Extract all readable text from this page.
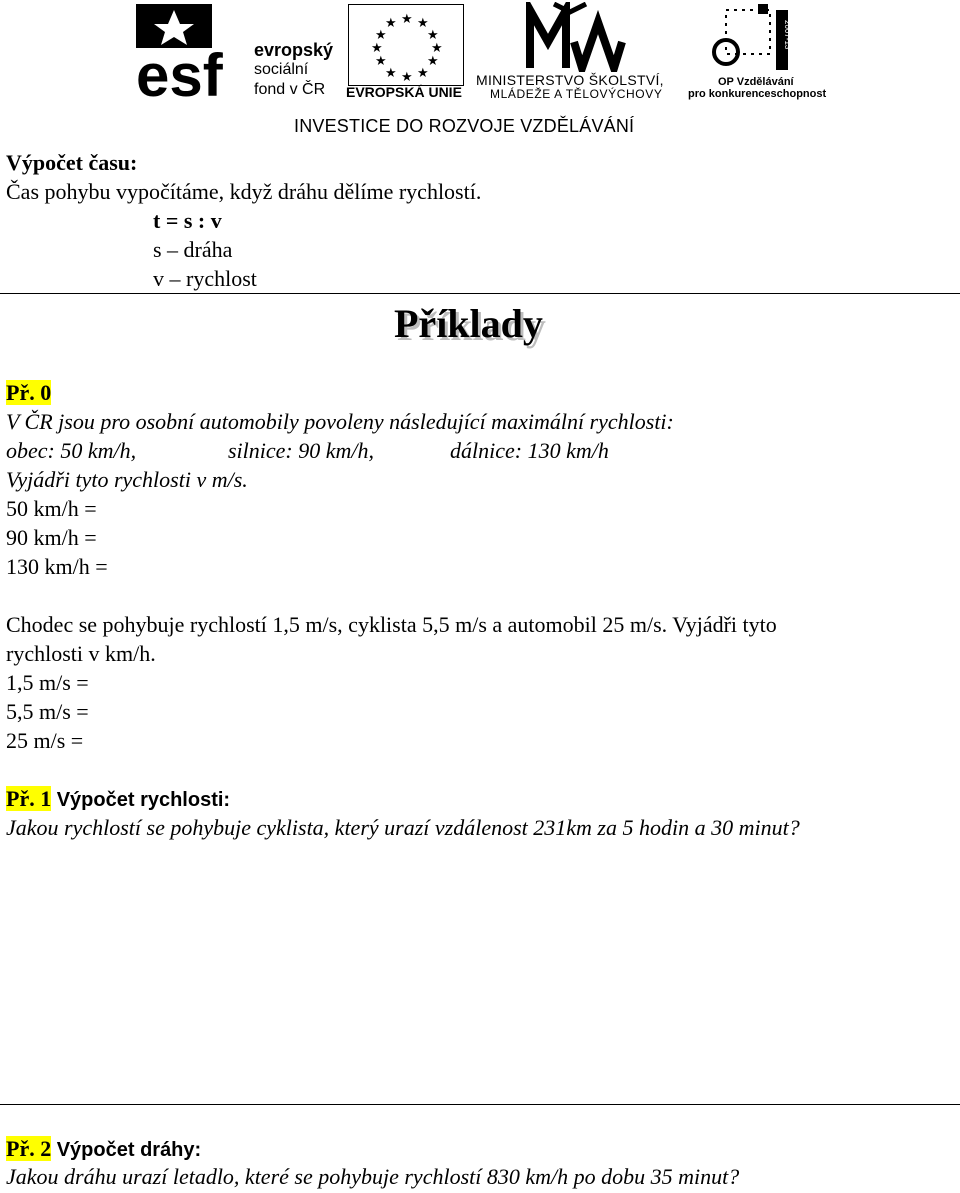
esf evropský
sociální
fond v ČR
★ ★
★
★
★
★
★
★
★
★
★
★
EVROPSKÁ UNIE
MINISTERSTVO ŠKOLSTVÍ,
MLÁDEŽE A TĚLOVÝCHOVY
2007-13
OP Vzdělávání
pro konkurenceschopnost
INVESTICE DO ROZVOJE VZDĚLÁVÁNÍ
Výpočet času:
Čas pohybu vypočítáme, když dráhu dělíme rychlostí.
t = s : v
s – dráha
v – rychlost
Příklady
Př. 0
V ČR jsou pro osobní automobily povoleny následující maximální rychlosti:
obec: 50 km/h,	silnice: 90 km/h,	dálnice: 130 km/h
Vyjádři tyto rychlosti v m/s.
50 km/h =
90 km/h =
130 km/h =
Chodec se pohybuje rychlostí 1,5 m/s, cyklista 5,5 m/s a automobil 25 m/s. Vyjádři tyto
rychlosti v km/h.
1,5 m/s =
5,5 m/s =
25 m/s =
Př. 1 Výpočet rychlosti:
Jakou rychlostí se pohybuje cyklista, který urazí vzdálenost 231km za 5 hodin a 30 minut?
Př. 2 Výpočet dráhy:
Jakou dráhu urazí letadlo, které se pohybuje rychlostí 830 km/h po dobu 35 minut?
